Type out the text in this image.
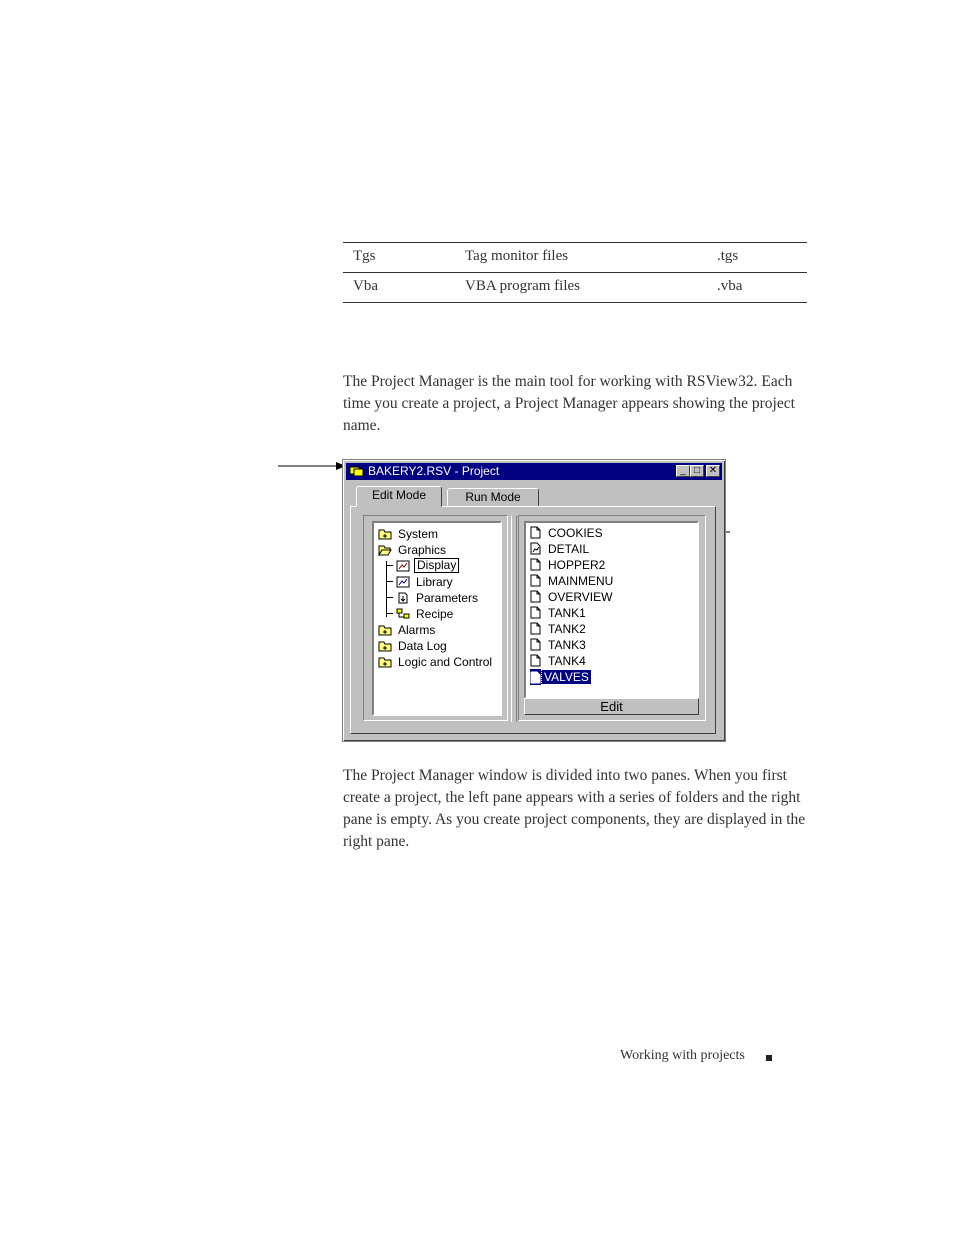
Tgs	Tag monitor files	.tgs
Vba	VBA program files	.vba
The Project Manager is the main tool for working with RSView32. Each time you create a project, a Project Manager appears showing the project name.
BAKERY2.RSV - Project	_ □ ✕
Edit Mode	Run Mode
System
Graphics
Display
Library
Parameters
Recipe
Alarms
Data Log
Logic and Control
COOKIES
DETAIL
HOPPER2
MAINMENU
OVERVIEW
TANK1
TANK2
TANK3
TANK4
VALVES
Edit
The Project Manager window is divided into two panes. When you first create a project, the left pane appears with a series of folders and the right pane is empty. As you create project components, they are displayed in the right pane.
Working with projects
